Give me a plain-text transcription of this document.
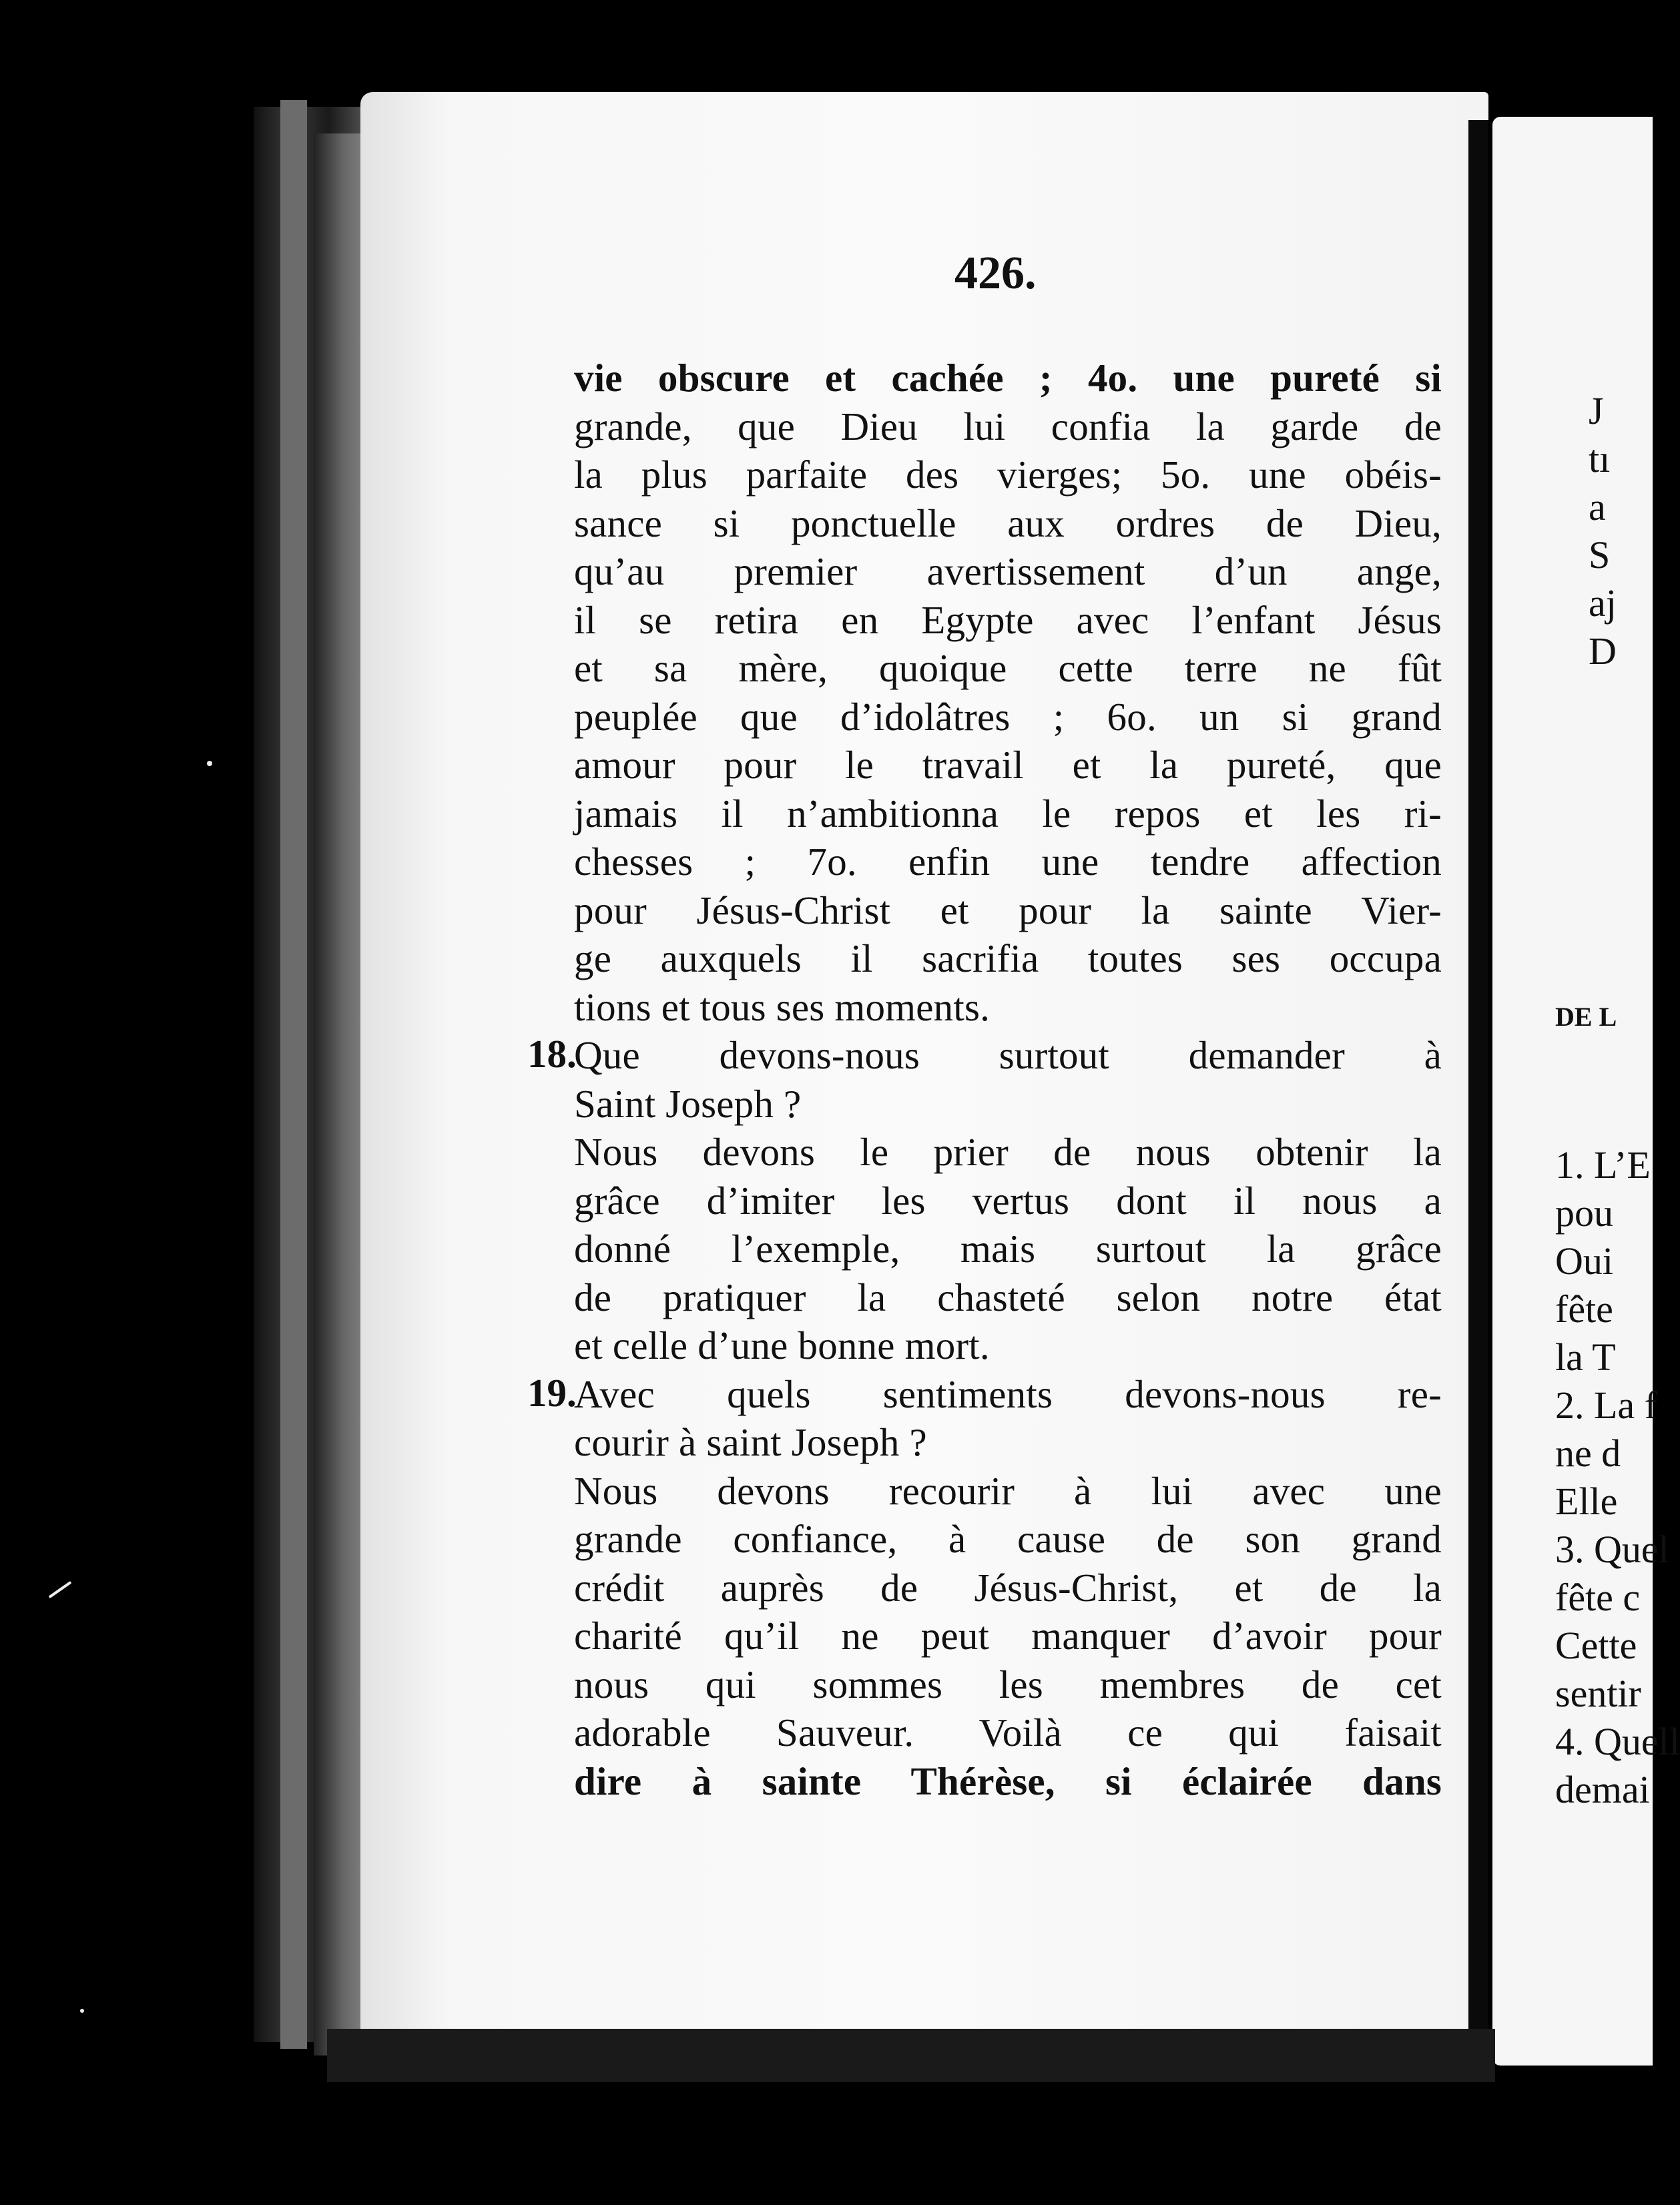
426.
vie obscure et cachée ; 4o. une pureté si
grande, que Dieu lui confia la garde de
la plus parfaite des vierges; 5o. une obéis-
sance si ponctuelle aux ordres de Dieu,
qu’au premier avertissement d’un ange,
il se retira en Egypte avec l’enfant Jésus
et sa mère, quoique cette terre ne fût
peuplée que d’idolâtres ; 6o. un si grand
amour pour le travail et la pureté, que
jamais il n’ambitionna le repos et les ri-
chesses ; 7o. enfin une tendre affection
pour Jésus-Christ et pour la sainte Vier-
ge auxquels il sacrifia toutes ses occupa
tions et tous ses moments.
18.
Que devons-nous surtout demander à
Saint Joseph ?
Nous devons le prier de nous obtenir la
grâce d’imiter les vertus dont il nous a
donné l’exemple, mais surtout la grâce
de pratiquer la chasteté selon notre état
et celle d’une bonne mort.
19.
Avec quels sentiments devons-nous re-
courir à saint Joseph ?
Nous devons recourir à lui avec une
grande confiance, à cause de son grand
crédit auprès de Jésus-Christ, et de la
charité qu’il ne peut manquer d’avoir pour
nous qui sommes les membres de cet
adorable Sauveur. Voilà ce qui faisait
dire à sainte Thérèse, si éclairée dans
J
tı
a
S
aj
D
DE L
1. L’E
pou
Oui
fête
la T
2. La f
ne d
Elle
3. Quel
fête c
Cette
sentir
4. Quell
demai
